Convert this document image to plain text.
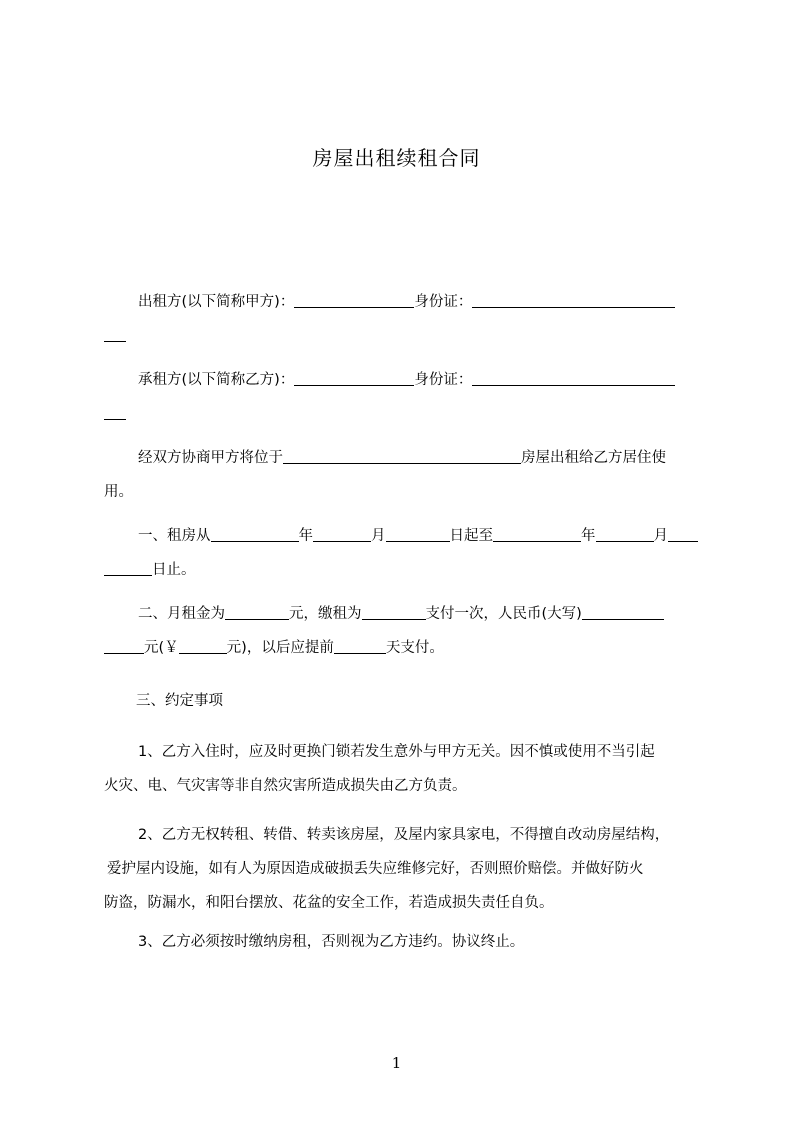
房屋出租续租合同
出租方(以下简称甲方)：	身份证：
承租方(以下简称乙方)：	身份证：
经双方协商甲方将位于	房屋出租给乙方居住使
用。
一、租房从	年	月	日起至	年	月
日止。
二、月租金为	元，缴租为	支付一次，人民币(大写)
元(￥	元)，以后应提前	天支付。
三、约定事项
1、乙方入住时，应及时更换门锁若发生意外与甲方无关。因不慎或使用不当引起
火灾、电、气灾害等非自然灾害所造成损失由乙方负责。
2、乙方无权转租、转借、转卖该房屋，及屋内家具家电，不得擅自改动房屋结构，
爱护屋内设施，如有人为原因造成破损丢失应维修完好，否则照价赔偿。并做好防火
防盗，防漏水，和阳台摆放、花盆的安全工作，若造成损失责任自负。
3、乙方必须按时缴纳房租，否则视为乙方违约。协议终止。
1
